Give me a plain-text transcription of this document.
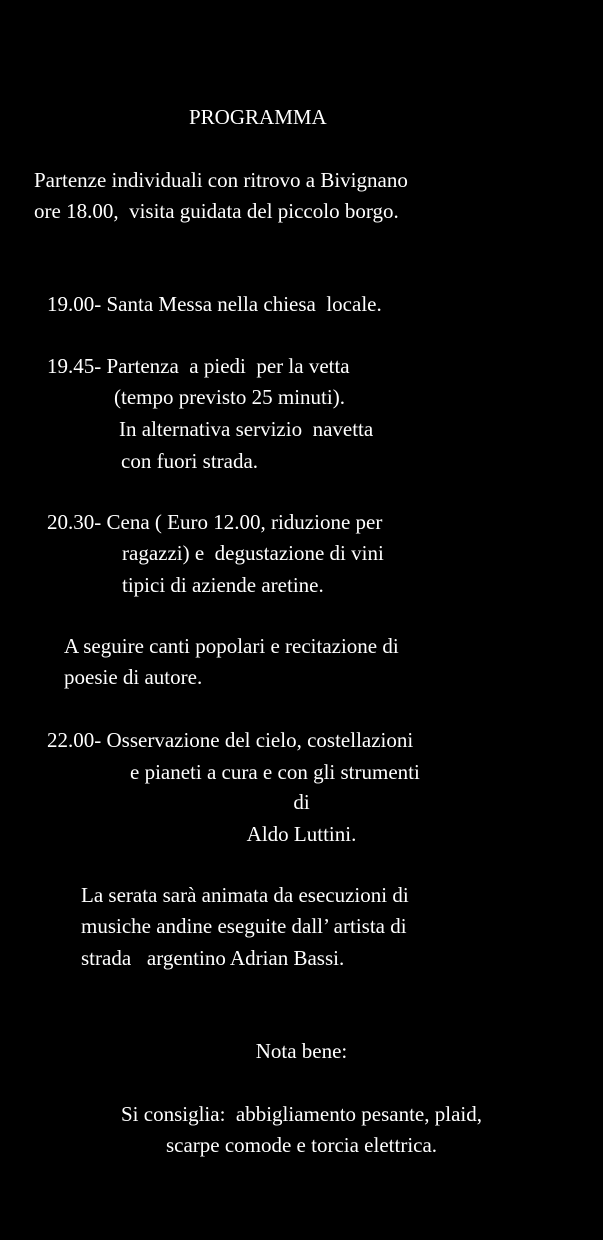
PROGRAMMA
Partenze individuali con ritrovo a Bivignano
ore 18.00,  visita guidata del piccolo borgo.
19.00- Santa Messa nella chiesa  locale.
19.45- Partenza  a piedi  per la vetta
(tempo previsto 25 minuti).
In alternativa servizio  navetta
con fuori strada.
20.30- Cena ( Euro 12.00, riduzione per
ragazzi) e  degustazione di vini
tipici di aziende aretine.
A seguire canti popolari e recitazione di
poesie di autore.
22.00- Osservazione del cielo, costellazioni
e pianeti a cura e con gli strumenti
di
Aldo Luttini.
La serata sarà animata da esecuzioni di
musiche andine eseguite dall’ artista di
strada   argentino Adrian Bassi.
Nota bene:
Si consiglia:  abbigliamento pesante, plaid,
scarpe comode e torcia elettrica.
